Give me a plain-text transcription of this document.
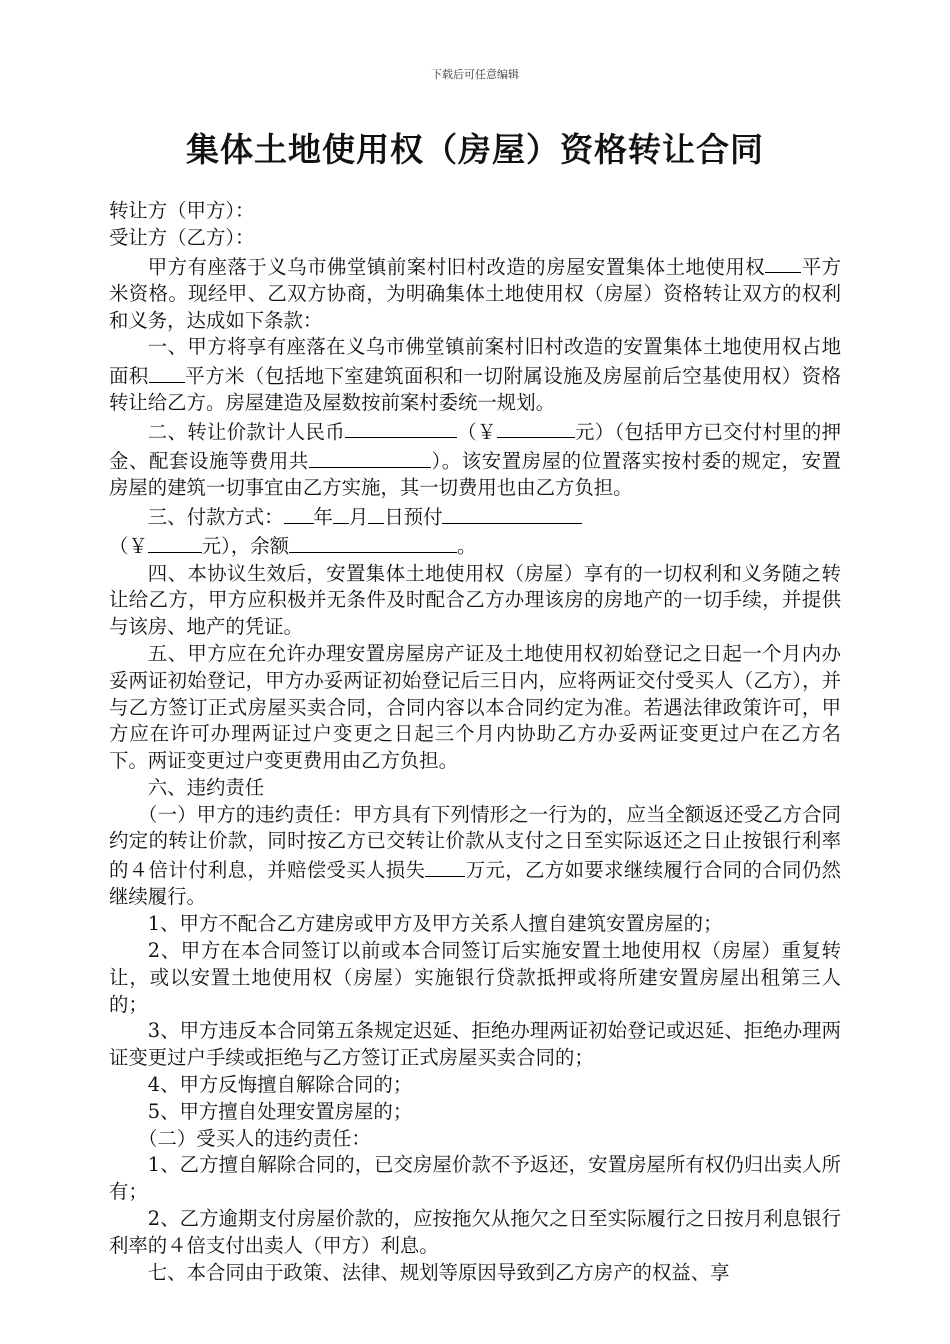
下载后可任意编辑
集体土地使用权（房屋）资格转让合同

转让方（甲方）：

受让方（乙方）：

甲方有座落于义乌市佛堂镇前案村旧村改造的房屋安置集体土地使用权 平方米资格。现经甲、乙双方协商，为明确集体土地使用权（房屋）资格转让双方的权利和义务，达成如下条款：

一、甲方将享有座落在义乌市佛堂镇前案村旧村改造的安置集体土地使用权占地面积 平方米（包括地下室建筑面积和一切附属设施及房屋前后空基使用权）资格转让给乙方。房屋建造及屋数按前案村委统一规划。

二、转让价款计人民币	（￥	元）（包括甲方已交付村里的押金、配套设施等费用共	）。该安置房屋的位置落实按村委的规定，安置房屋的建筑一切事宜由乙方实施，其一切费用也由乙方负担。

三、付款方式： 年 月 日预付
（￥	元），余额	。

四、本协议生效后，安置集体土地使用权（房屋）享有的一切权利和义务随之转让给乙方，甲方应积极并无条件及时配合乙方办理该房的房地产的一切手续，并提供与该房、地产的凭证。

五、甲方应在允许办理安置房屋房产证及土地使用权初始登记之日起一个月内办妥两证初始登记，甲方办妥两证初始登记后三日内，应将两证交付受买人（乙方），并与乙方签订正式房屋买卖合同，合同内容以本合同约定为准。若遇法律政策许可，甲方应在许可办理两证过户变更之日起三个月内协助乙方办妥两证变更过户在乙方名下。两证变更过户变更费用由乙方负担。

六、违约责任

（一）甲方的违约责任：甲方具有下列情形之一行为的，应当全额返还受乙方合同约定的转让价款，同时按乙方已交转让价款从支付之日至实际返还之日止按银行利率的４倍计付利息，并赔偿受买人损失 万元，乙方如要求继续履行合同的合同仍然继续履行。

1、甲方不配合乙方建房或甲方及甲方关系人擅自建筑安置房屋的；

2、甲方在本合同签订以前或本合同签订后实施安置土地使用权（房屋）重复转让，或以安置土地使用权（房屋）实施银行贷款抵押或将所建安置房屋出租第三人的；

3、甲方违反本合同第五条规定迟延、拒绝办理两证初始登记或迟延、拒绝办理两证变更过户手续或拒绝与乙方签订正式房屋买卖合同的；

4、甲方反悔擅自解除合同的；

5、甲方擅自处理安置房屋的；

（二）受买人的违约责任：

1、乙方擅自解除合同的，已交房屋价款不予返还，安置房屋所有权仍归出卖人所有；

2、乙方逾期支付房屋价款的，应按拖欠从拖欠之日至实际履行之日按月利息银行利率的４倍支付出卖人（甲方）利息。

七、本合同由于政策、法律、规划等原因导致到乙方房产的权益、享
